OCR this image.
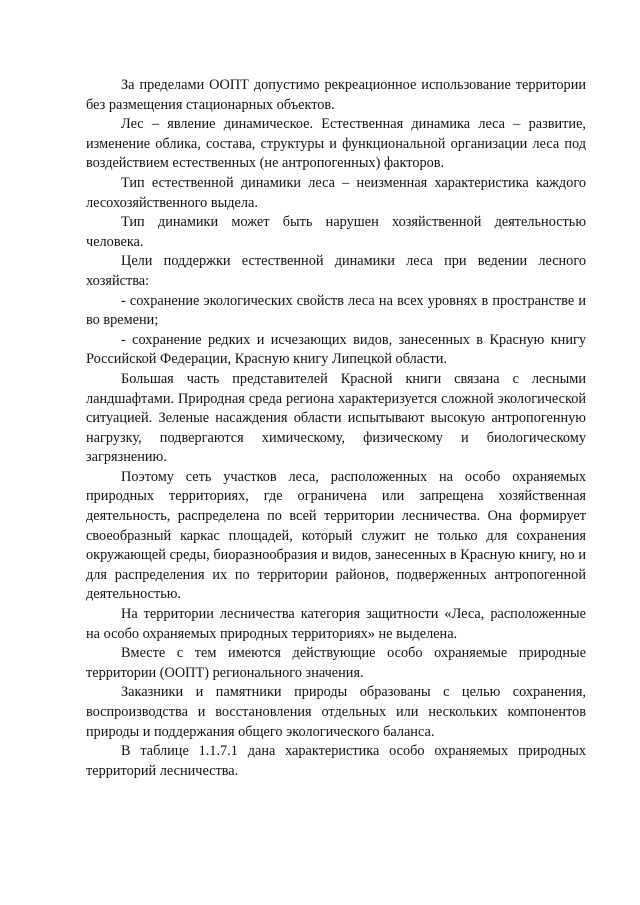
За пределами ООПТ допустимо рекреационное использование территории без размещения стационарных объектов.

Лес – явление динамическое. Естественная динамика леса – развитие, изменение облика, состава, структуры и функциональной организации леса под воздействием естественных (не антропогенных) факторов.

Тип естественной динамики леса – неизменная характеристика каждого лесохозяйственного выдела.

Тип динамики может быть нарушен хозяйственной деятельностью человека.

Цели поддержки естественной динамики леса при ведении лесного хозяйства:

- сохранение экологических свойств леса на всех уровнях в пространстве и во времени;

- сохранение редких и исчезающих видов, занесенных в Красную книгу Российской Федерации, Красную книгу Липецкой области.

Большая часть представителей Красной книги связана с лесными ландшафтами. Природная среда региона характеризуется сложной экологической ситуацией. Зеленые насаждения области испытывают высокую антропогенную нагрузку, подвергаются химическому, физическому и биологическому загрязнению.

Поэтому сеть участков леса, расположенных на особо охраняемых природных территориях, где ограничена или запрещена хозяйственная деятельность, распределена по всей территории лесничества. Она формирует своеобразный каркас площадей, который служит не только для сохранения окружающей среды, биоразнообразия и видов, занесенных в Красную книгу, но и для распределения их по территории районов, подверженных антропогенной деятельностью.

На территории лесничества категория защитности «Леса, расположенные на особо охраняемых природных территориях» не выделена.

Вместе с тем имеются действующие особо охраняемые природные территории (ООПТ) регионального значения.

Заказники и памятники природы образованы с целью сохранения, воспроизводства и восстановления отдельных или нескольких компонентов природы и поддержания общего экологического баланса.

В таблице 1.1.7.1 дана характеристика особо охраняемых природных территорий лесничества.
